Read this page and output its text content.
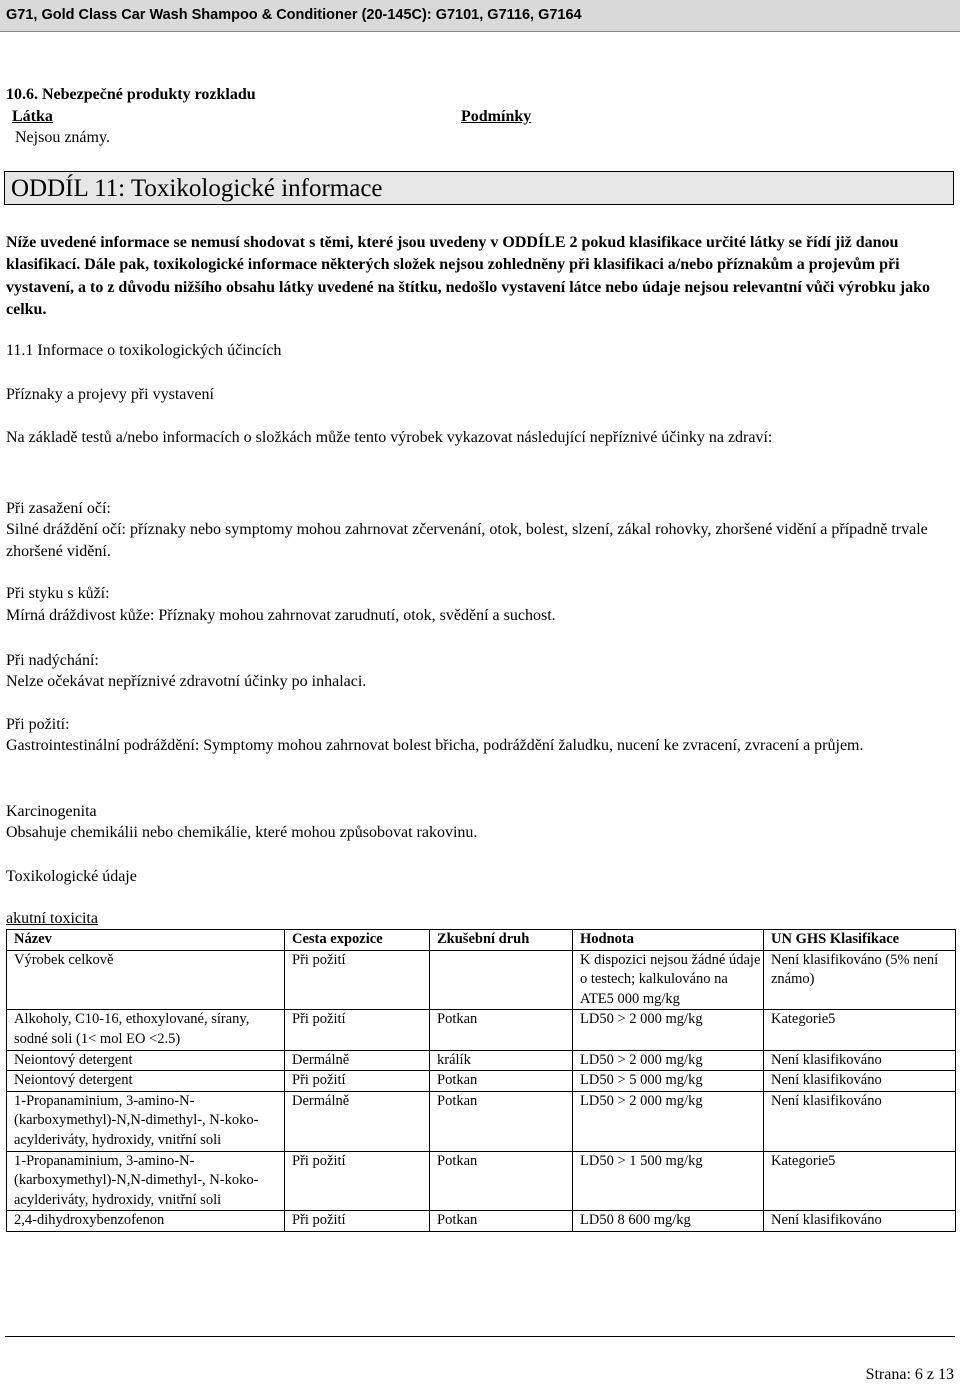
G71, Gold Class Car Wash Shampoo & Conditioner (20-145C): G7101, G7116, G7164
10.6. Nebezpečné produkty rozkladu
Látka	Podmínky
Nejsou známy.
ODDÍL 11: Toxikologické informace
Níže uvedené informace se nemusí shodovat s těmi, které jsou uvedeny v ODDÍLE 2 pokud klasifikace určité látky se řídí již danou klasifikací. Dále pak, toxikologické informace některých složek nejsou zohledněny při klasifikaci a/nebo příznakům a projevům při vystavení, a to z důvodu nižšího obsahu látky uvedené na štítku, nedošlo vystavení látce nebo údaje nejsou relevantní vůči výrobku jako celku.
11.1 Informace o toxikologických účincích
Příznaky a projevy při vystavení
Na základě testů a/nebo informacích o složkách může tento výrobek vykazovat následující nepříznivé účinky na zdraví:
Při zasažení očí:
Silné dráždění očí: příznaky nebo symptomy mohou zahrnovat zčervenání, otok, bolest, slzení, zákal rohovky, zhoršené vidění a případně trvale zhoršené vidění.
Při styku s kůží:
Mírná dráždivost kůže: Příznaky mohou zahrnovat zarudnutí, otok, svědění a suchost.
Při nadýchání:
Nelze očekávat nepříznivé zdravotní účinky po inhalaci.
Při požití:
Gastrointestinální podráždění: Symptomy mohou zahrnovat bolest břicha, podráždění žaludku, nucení ke zvracení, zvracení a průjem.
Karcinogenita
Obsahuje chemikálii nebo chemikálie, které mohou způsobovat rakovinu.
Toxikologické údaje
akutní toxicita
Název	Cesta expozice	Zkušební druh	Hodnota	UN GHS Klasifikace
Výrobek celkově	Při požití		K dispozici nejsou žádné údaje o testech; kalkulováno na ATE5 000 mg/kg	Není klasifikováno (5% není známo)
Alkoholy, C10-16, ethoxylované, sírany, sodné soli (1< mol EO <2.5)	Při požití	Potkan	LD50 > 2 000 mg/kg	Kategorie5
Neiontový detergent	Dermálně	králík	LD50 > 2 000 mg/kg	Není klasifikováno
Neiontový detergent	Při požití	Potkan	LD50 > 5 000 mg/kg	Není klasifikováno
1-Propanaminium, 3-amino-N-(karboxymethyl)-N,N-dimethyl-, N-koko-acylderiváty, hydroxidy, vnitřní soli	Dermálně	Potkan	LD50 > 2 000 mg/kg	Není klasifikováno
1-Propanaminium, 3-amino-N-(karboxymethyl)-N,N-dimethyl-, N-koko-acylderiváty, hydroxidy, vnitřní soli	Při požití	Potkan	LD50 > 1 500 mg/kg	Kategorie5
2,4-dihydroxybenzofenon	Při požití	Potkan	LD50 8 600 mg/kg	Není klasifikováno
Strana: 6 z 13
